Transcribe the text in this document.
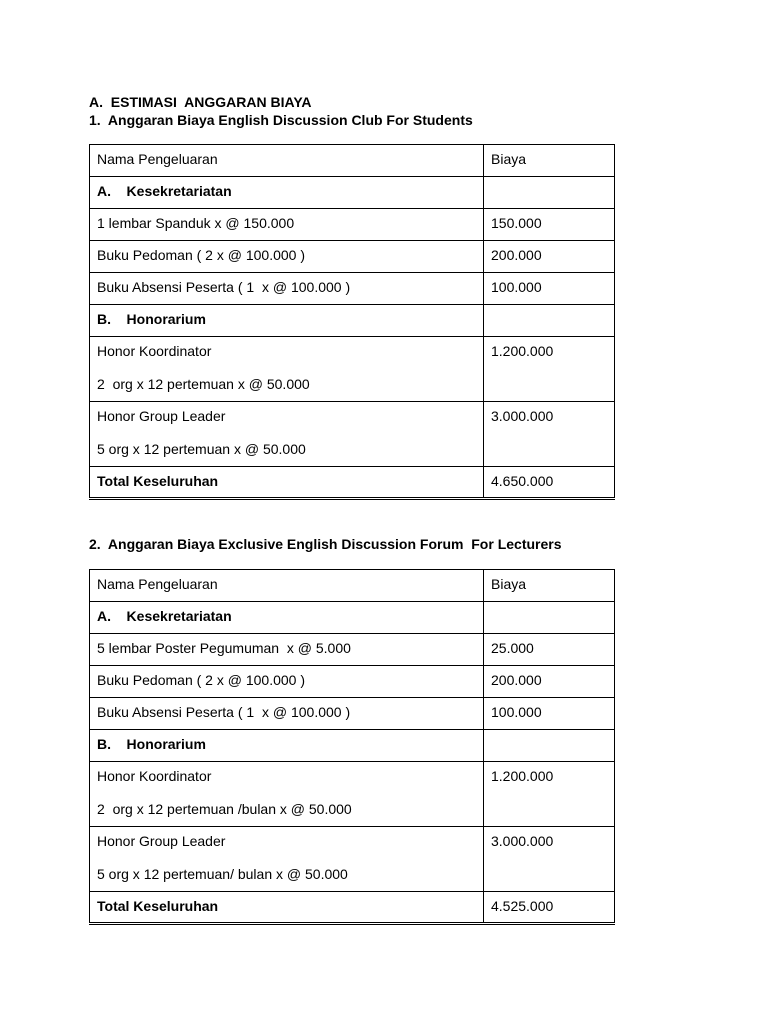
A.  ESTIMASI  ANGGARAN BIAYA
1.  Anggaran Biaya English Discussion Club For Students
Nama Pengeluaran	Biaya
A.    Kesekretariatan	
1 lembar Spanduk x @ 150.000	150.000
Buku Pedoman ( 2 x @ 100.000 )	200.000
Buku Absensi Peserta ( 1  x @ 100.000 )	100.000
B.    Honorarium	
Honor Koordinator
2  org x 12 pertemuan x @ 50.000	1.200.000
Honor Group Leader
5 org x 12 pertemuan x @ 50.000	3.000.000
Total Keseluruhan	4.650.000
2.  Anggaran Biaya Exclusive English Discussion Forum  For Lecturers
Nama Pengeluaran	Biaya
A.    Kesekretariatan	
5 lembar Poster Pegumuman  x @ 5.000	25.000
Buku Pedoman ( 2 x @ 100.000 )	200.000
Buku Absensi Peserta ( 1  x @ 100.000 )	100.000
B.    Honorarium	
Honor Koordinator
2  org x 12 pertemuan /bulan x @ 50.000	1.200.000
Honor Group Leader
5 org x 12 pertemuan/ bulan x @ 50.000	3.000.000
Total Keseluruhan	4.525.000
